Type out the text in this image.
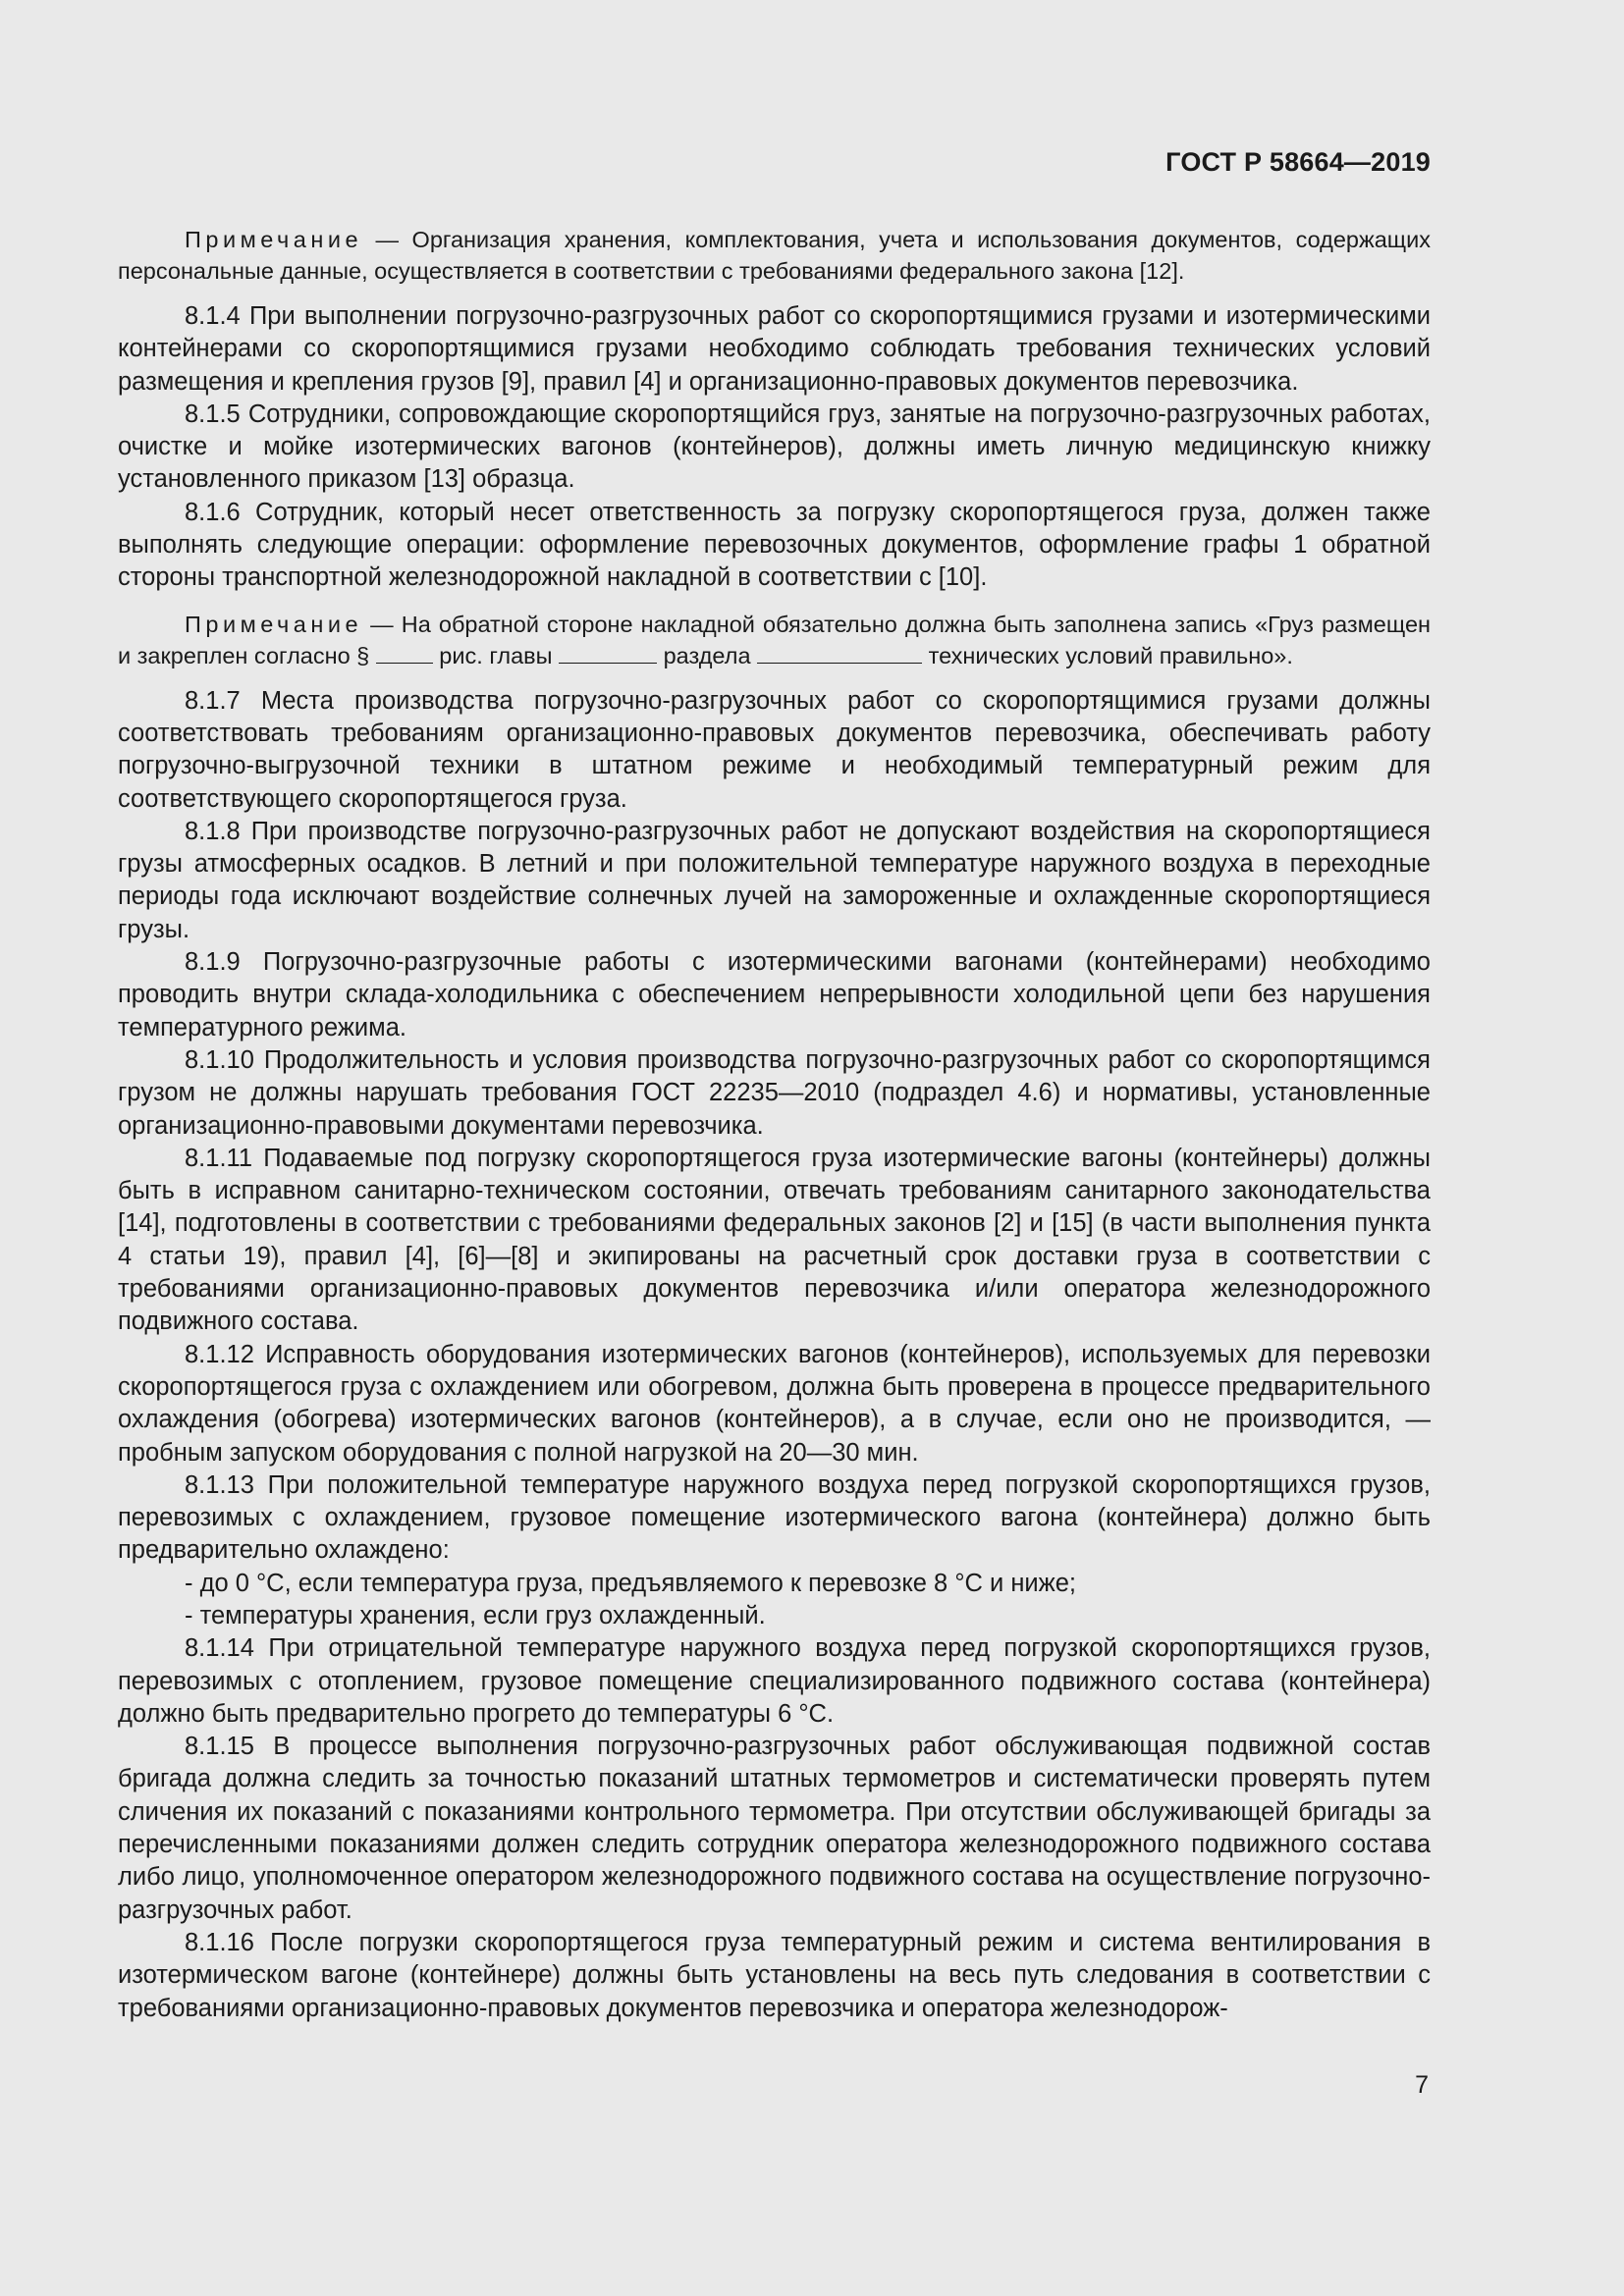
ГОСТ Р 58664—2019

Примечание — Организация хранения, комплектования, учета и использования документов, содержащих персональные данные, осуществляется в соответствии с требованиями федерального закона [12].

8.1.4 При выполнении погрузочно-разгрузочных работ со скоропортящимися грузами и изотермическими контейнерами со скоропортящимися грузами необходимо соблюдать требования технических условий размещения и крепления грузов [9], правил [4] и организационно-правовых документов перевозчика.

8.1.5 Сотрудники, сопровождающие скоропортящийся груз, занятые на погрузочно-разгрузочных работах, очистке и мойке изотермических вагонов (контейнеров), должны иметь личную медицинскую книжку установленного приказом [13] образца.

8.1.6 Сотрудник, который несет ответственность за погрузку скоропортящегося груза, должен также выполнять следующие операции: оформление перевозочных документов, оформление графы 1 обратной стороны транспортной железнодорожной накладной в соответствии с [10].

Примечание — На обратной стороне накладной обязательно должна быть заполнена запись «Груз размещен и закреплен согласно §  рис. главы	раздела	технических условий правильно».

8.1.7 Места производства погрузочно-разгрузочных работ со скоропортящимися грузами должны соответствовать требованиям организационно-правовых документов перевозчика, обеспечивать работу погрузочно-выгрузочной техники в штатном режиме и необходимый температурный режим для соответствующего скоропортящегося груза.

8.1.8 При производстве погрузочно-разгрузочных работ не допускают воздействия на скоропортящиеся грузы атмосферных осадков. В летний и при положительной температуре наружного воздуха в переходные периоды года исключают воздействие солнечных лучей на замороженные и охлажденные скоропортящиеся грузы.

8.1.9 Погрузочно-разгрузочные работы с изотермическими вагонами (контейнерами) необходимо проводить внутри склада-холодильника с обеспечением непрерывности холодильной цепи без нарушения температурного режима.

8.1.10 Продолжительность и условия производства погрузочно-разгрузочных работ со скоропортящимся грузом не должны нарушать требования ГОСТ 22235—2010 (подраздел 4.6) и нормативы, установленные организационно-правовыми документами перевозчика.

8.1.11 Подаваемые под погрузку скоропортящегося груза изотермические вагоны (контейнеры) должны быть в исправном санитарно-техническом состоянии, отвечать требованиям санитарного законодательства [14], подготовлены в соответствии с требованиями федеральных законов [2] и [15] (в части выполнения пункта 4 статьи 19), правил [4], [6]—[8] и экипированы на расчетный срок доставки груза в соответствии с требованиями организационно-правовых документов перевозчика и/или оператора железнодорожного подвижного состава.

8.1.12 Исправность оборудования изотермических вагонов (контейнеров), используемых для перевозки скоропортящегося груза с охлаждением или обогревом, должна быть проверена в процессе предварительного охлаждения (обогрева) изотермических вагонов (контейнеров), а в случае, если оно не производится, — пробным запуском оборудования с полной нагрузкой на 20—30 мин.

8.1.13 При положительной температуре наружного воздуха перед погрузкой скоропортящихся грузов, перевозимых с охлаждением, грузовое помещение изотермического вагона (контейнера) должно быть предварительно охлаждено:

- до 0 °С, если температура груза, предъявляемого к перевозке 8 °С и ниже;

- температуры хранения, если груз охлажденный.

8.1.14 При отрицательной температуре наружного воздуха перед погрузкой скоропортящихся грузов, перевозимых с отоплением, грузовое помещение специализированного подвижного состава (контейнера) должно быть предварительно прогрето до температуры 6 °С.

8.1.15 В процессе выполнения погрузочно-разгрузочных работ обслуживающая подвижной состав бригада должна следить за точностью показаний штатных термометров и систематически проверять путем сличения их показаний с показаниями контрольного термометра. При отсутствии обслуживающей бригады за перечисленными показаниями должен следить сотрудник оператора железнодорожного подвижного состава либо лицо, уполномоченное оператором железнодорожного подвижного состава на осуществление погрузочно-разгрузочных работ.

8.1.16 После погрузки скоропортящегося груза температурный режим и система вентилирования в изотермическом вагоне (контейнере) должны быть установлены на весь путь следования в соответствии с требованиями организационно-правовых документов перевозчика и оператора железнодорож-

7
